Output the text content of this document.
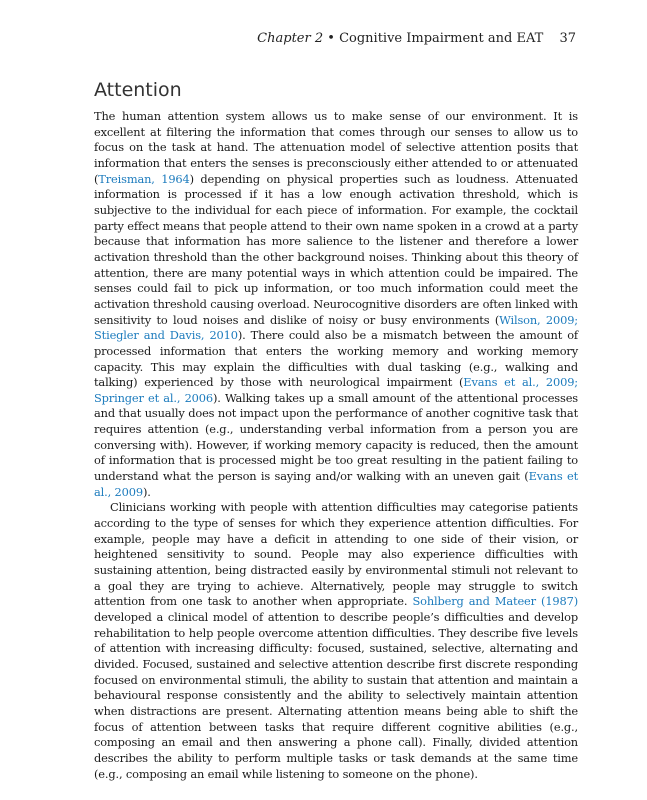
Chapter 2 • Cognitive Impairment and EAT 37
Attention

The human attention system allows us to make sense of our environment. It is excellent at filtering the information that comes through our senses to allow us to focus on the task at hand. The attenuation model of selective attention posits that information that enters the senses is preconsciously either attended to or attenuated (Treisman, 1964) depending on physical properties such as loudness. Attenuated information is processed if it has a low enough activation threshold, which is subjective to the individual for each piece of information. For example, the cocktail party effect means that people attend to their own name spoken in a crowd at a party because that information has more salience to the listener and therefore a lower activation threshold than the other background noises. Thinking about this theory of attention, there are many potential ways in which attention could be impaired. The senses could fail to pick up information, or too much information could meet the activation threshold causing overload. Neurocognitive disorders are often linked with sensitivity to loud noises and dislike of noisy or busy environments (Wilson, 2009; Stiegler and Davis, 2010). There could also be a mismatch between the amount of processed information that enters the working memory and working memory capacity. This may explain the difficulties with dual tasking (e.g., walking and talking) experienced by those with neurological impairment (Evans et al., 2009; Springer et al., 2006). Walking takes up a small amount of the attentional processes and that usually does not impact upon the performance of another cognitive task that requires attention (e.g., understanding verbal information from a person you are conversing with). However, if working memory capacity is reduced, then the amount of information that is processed might be too great resulting in the patient failing to understand what the person is saying and/or walking with an uneven gait (Evans et al., 2009).

Clinicians working with people with attention difficulties may categorise patients according to the type of senses for which they experience attention difficulties. For example, people may have a deficit in attending to one side of their vision, or heightened sensitivity to sound. People may also experience difficulties with sustaining attention, being distracted easily by environmental stimuli not relevant to a goal they are trying to achieve. Alternatively, people may struggle to switch attention from one task to another when appropriate. Sohlberg and Mateer (1987) developed a clinical model of attention to describe people’s difficulties and develop rehabilitation to help people overcome attention difficulties. They describe five levels of attention with increasing difficulty: focused, sustained, selective, alternating and divided. Focused, sustained and selective attention describe first discrete responding focused on environmental stimuli, the ability to sustain that attention and maintain a behavioural response consistently and the ability to selectively maintain attention when distractions are present. Alternating attention means being able to shift the focus of attention between tasks that require different cognitive abilities (e.g., composing an email and then answering a phone call). Finally, divided attention describes the ability to perform multiple tasks or task demands at the same time (e.g., composing an email while listening to someone on the phone).
